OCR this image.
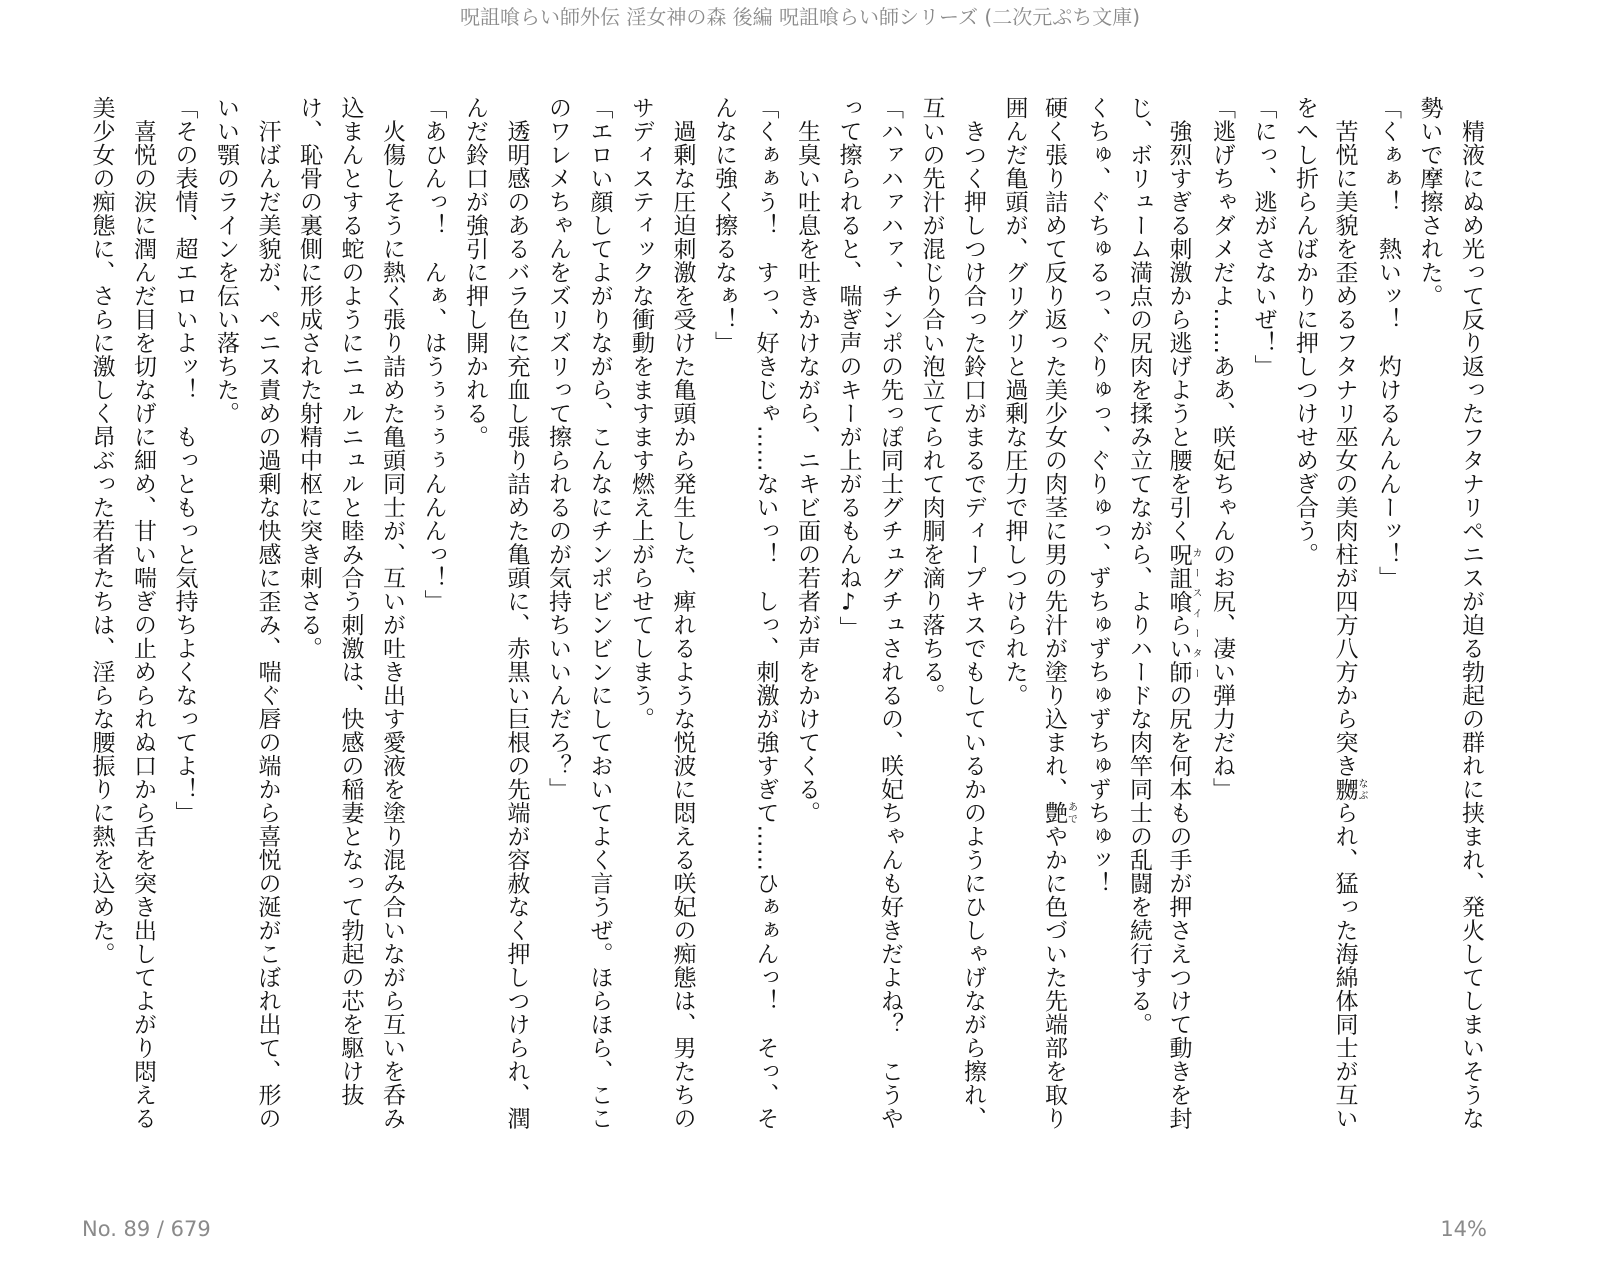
呪詛喰らい師外伝 淫女神の森 後編 呪詛喰らい師シリーズ (二次元ぷち文庫)
　精液にぬめ光って反り返ったフタナリペニスが迫る勃起の群れに挟まれ、発火してしまいそうな
勢いで摩擦された。
「くぁぁ！　熱いッ！　灼けるんんんーッ！」
　苦悦に美貌を歪めるフタナリ巫女の美肉柱が四方八方から突き嬲なぶられ、猛った海綿体同士が互い
をへし折らんばかりに押しつけせめぎ合う。
「にっ、逃がさないぜ！」
「逃げちゃダメだよ……ああ、咲妃ちゃんのお尻、凄い弾力だね」
　強烈すぎる刺激から逃げようと腰を引く呪詛喰らい師カースイーターの尻を何本もの手が押さえつけて動きを封
じ、ボリューム満点の尻肉を揉み立てながら、よりハードな肉竿同士の乱闘を続行する。
くちゅ、ぐちゅるっ、ぐりゅっ、ぐりゅっ、ずちゅずちゅずちゅずちゅッ！
硬く張り詰めて反り返った美少女の肉茎に男の先汁が塗り込まれ、艶あでやかに色づいた先端部を取り
囲んだ亀頭が、グリグリと過剰な圧力で押しつけられた。
　きつく押しつけ合った鈴口がまるでディープキスでもしているかのようにひしゃげながら擦れ、
互いの先汁が混じり合い泡立てられて肉胴を滴り落ちる。
「ハァハァハァ、チンポの先っぽ同士グチュグチュされるの、咲妃ちゃんも好きだよね？　こうや
って擦られると、喘ぎ声のキーが上がるもんね♪」
　生臭い吐息を吐きかけながら、ニキビ面の若者が声をかけてくる。
「くぁぁう！　すっ、好きじゃ……ないっ！　しっ、刺激が強すぎて……ひぁぁんっ！　そっ、そ
んなに強く擦るなぁ！」
　過剰な圧迫刺激を受けた亀頭から発生した、痺れるような悦波に悶える咲妃の痴態は、男たちの
サディスティックな衝動をますます燃え上がらせてしまう。
「エロい顔してよがりながら、こんなにチンポビンビンにしておいてよく言うぜ。ほらほら、ここ
のワレメちゃんをズリズリって擦られるのが気持ちいいんだろ？」
　透明感のあるバラ色に充血し張り詰めた亀頭に、赤黒い巨根の先端が容赦なく押しつけられ、潤
んだ鈴口が強引に押し開かれる。
「あひんっ！　んぁ、はうぅぅぅぅんんんっ！」
　火傷しそうに熱く張り詰めた亀頭同士が、互いが吐き出す愛液を塗り混み合いながら互いを呑み
込まんとする蛇のようにニュルニュルと睦み合う刺激は、快感の稲妻となって勃起の芯を駆け抜
け、恥骨の裏側に形成された射精中枢に突き刺さる。
　汗ばんだ美貌が、ペニス責めの過剰な快感に歪み、喘ぐ唇の端から喜悦の涎がこぼれ出て、形の
いい顎のラインを伝い落ちた。
「その表情、超エロいよッ！　もっともっと気持ちよくなってよ！」
　喜悦の涙に潤んだ目を切なげに細め、甘い喘ぎの止められぬ口から舌を突き出してよがり悶える
美少女の痴態に、さらに激しく昂ぶった若者たちは、淫らな腰振りに熱を込めた。
No. 89 / 679	14%
